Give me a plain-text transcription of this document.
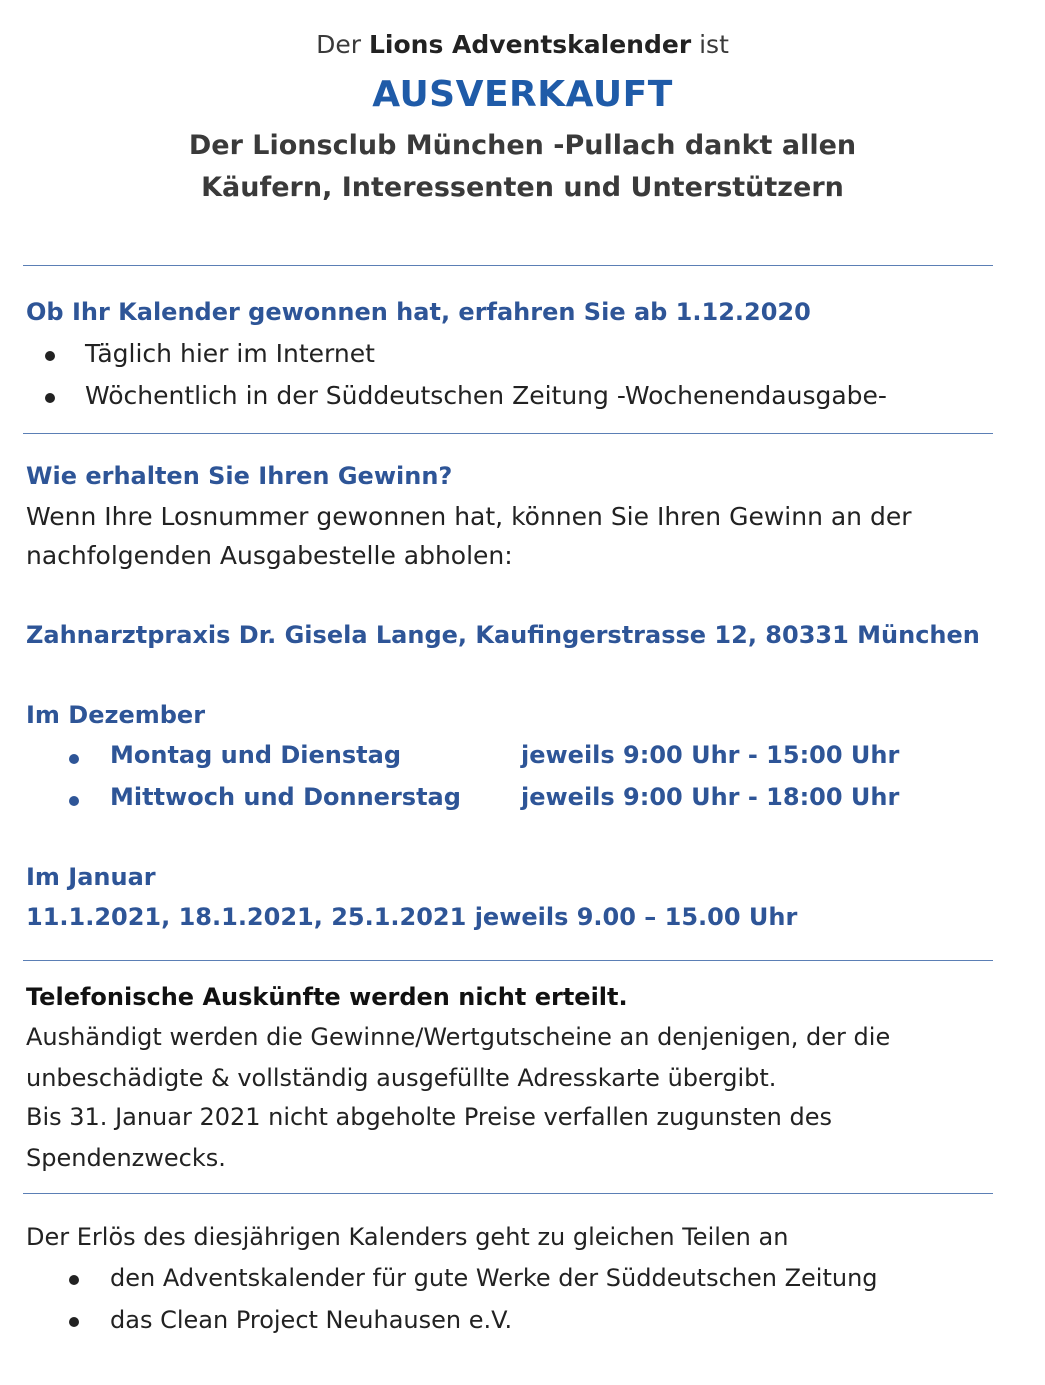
Der Lions Adventskalender ist
AUSVERKAUFT
Der Lionsclub München -Pullach dankt allen
Käufern, Interessenten und Unterstützern
Ob Ihr Kalender gewonnen hat, erfahren Sie ab 1.12.2020
Täglich hier im Internet
Wöchentlich in der Süddeutschen Zeitung -Wochenendausgabe-
Wie erhalten Sie Ihren Gewinn?
Wenn Ihre Losnummer gewonnen hat, können Sie Ihren Gewinn an der
nachfolgenden Ausgabestelle abholen:
Zahnarztpraxis Dr. Gisela Lange, Kaufingerstrasse 12, 80331 München
Im Dezember
Montag und Dienstag	jeweils 9:00 Uhr - 15:00 Uhr
Mittwoch und Donnerstag	jeweils 9:00 Uhr - 18:00 Uhr
Im Januar
11.1.2021, 18.1.2021, 25.1.2021 jeweils 9.00 – 15.00 Uhr
Telefonische Auskünfte werden nicht erteilt.
Aushändigt werden die Gewinne/Wertgutscheine an denjenigen, der die
unbeschädigte & vollständig ausgefüllte Adresskarte übergibt.
Bis 31. Januar 2021 nicht abgeholte Preise verfallen zugunsten des
Spendenzwecks.
Der Erlös des diesjährigen Kalenders geht zu gleichen Teilen an
den Adventskalender für gute Werke der Süddeutschen Zeitung
das Clean Project Neuhausen e.V.
